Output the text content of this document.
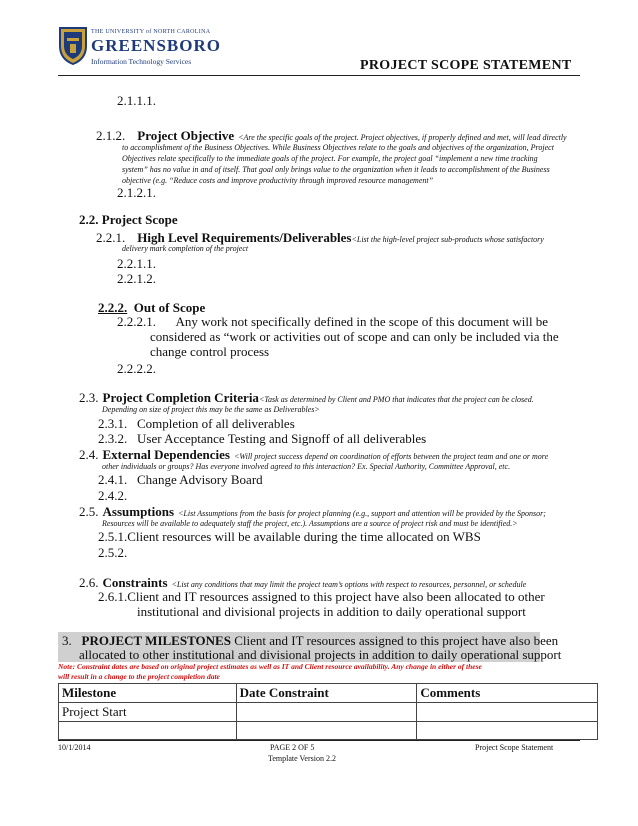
THE UNIVERSITY of NORTH CAROLINA
GREENSBORO
Information Technology Services	PROJECT SCOPE STATEMENT
2.1.1.1.
2.1.2. Project Objective <Are the specific goals of the project. Project objectives, if properly defined and met, will lead directly
to accomplishment of the Business Objectives. While Business Objectives relate to the goals and objectives of the organization, Project
Objectives relate specifically to the immediate goals of the project. For example, the project goal “implement a new time tracking
system” has no value in and of itself. That goal only brings value to the organization when it leads to accomplishment of the Business
objective (e.g. “Reduce costs and improve productivity through improved resource management”
2.1.2.1.
2.2. Project Scope
2.2.1. High Level Requirements/Deliverables<List the high-level project sub-products whose satisfactory
delivery mark completion of the project
2.2.1.1.
2.2.1.2.
2.2.2. Out of Scope
2.2.2.1. Any work not specifically defined in the scope of this document will be
considered as “work or activities out of scope and can only be included via the
change control process
2.2.2.2.
2.3. Project Completion Criteria<Task as determined by Client and PMO that indicates that the project can be closed.
Depending on size of project this may be the same as Deliverables>
2.3.1.   Completion of all deliverables
2.3.2.   User Acceptance Testing and Signoff of all deliverables
2.4. External Dependencies <Will project success depend on coordination of efforts between the project team and one or more
other individuals or groups? Has everyone involved agreed to this interaction? Ex. Special Authority, Committee Approval, etc.
2.4.1.   Change Advisory Board
2.4.2.
2.5. Assumptions <List Assumptions from the basis for project planning (e.g., support and attention will be provided by the Sponsor;
Resources will be available to adequately staff the project, etc.). Assumptions are a source of project risk and must be identified.>
2.5.1.Client resources will be available during the time allocated on WBS
2.5.2.
2.6. Constraints <List any conditions that may limit the project team’s options with respect to resources, personnel, or schedule
2.6.1.Client and IT resources assigned to this project have also been allocated to other
institutional and divisional projects in addition to daily operational support
3. PROJECT MILESTONES Client and IT resources assigned to this project have also been
allocated to other institutional and divisional projects in addition to daily operational support
Note: Constraint dates are based on original project estimates as well as IT and Client resource availability. Any change in either of these
will result in a change to the project completion date
Milestone	Date Constraint	Comments
Project Start		

10/1/2014	PAGE 2 OF 5
Template Version 2.2
Project Scope Statement
